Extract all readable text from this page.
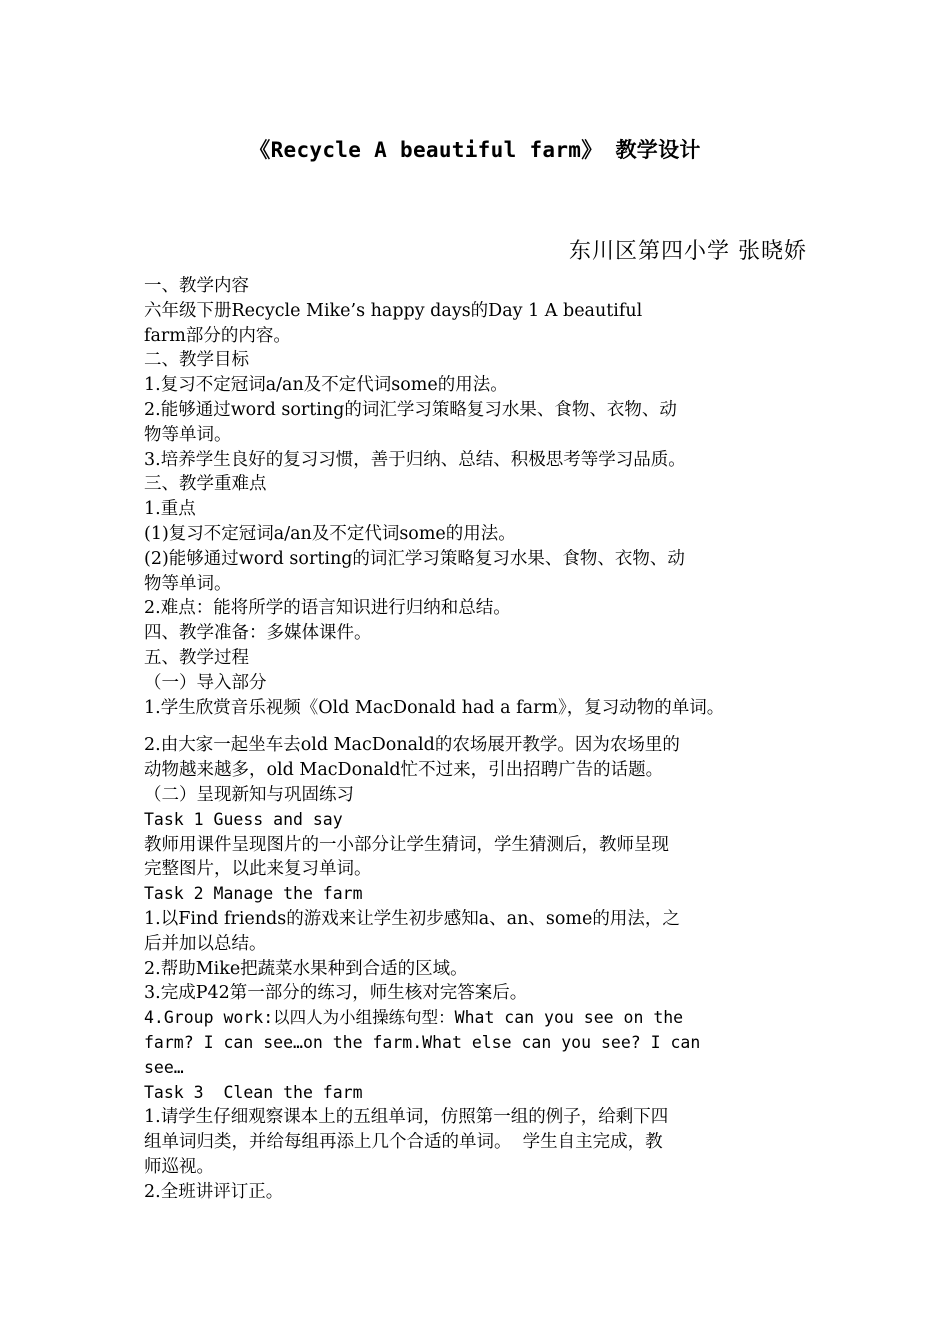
《Recycle A beautiful farm》 教学设计
东川区第四小学 张晓娇

一、教学内容

六年级下册Recycle Mike’s happy days的Day 1 A beautiful

farm部分的内容。

二、教学目标

1.复习不定冠词a/an及不定代词some的用法。

2.能够通过word sorting的词汇学习策略复习水果、食物、衣物、动

物等单词。

3.培养学生良好的复习习惯，善于归纳、总结、积极思考等学习品质。

三、教学重难点

1.重点

(1)复习不定冠词a/an及不定代词some的用法。

(2)能够通过word sorting的词汇学习策略复习水果、食物、衣物、动

物等单词。

2.难点：能将所学的语言知识进行归纳和总结。

四、教学准备：多媒体课件。

五、教学过程

（一）导入部分

1.学生欣赏音乐视频《Old MacDonald had a farm》，复习动物的单词。

2.由大家一起坐车去old MacDonald的农场展开教学。因为农场里的

动物越来越多，old MacDonald忙不过来，引出招聘广告的话题。

（二）呈现新知与巩固练习

Task 1 Guess and say

教师用课件呈现图片的一小部分让学生猜词，学生猜测后，教师呈现

完整图片，以此来复习单词。

Task 2 Manage the farm

1.以Find friends的游戏来让学生初步感知a、an、some的用法，之

后并加以总结。

2.帮助Mike把蔬菜水果种到合适的区域。

3.完成P42第一部分的练习，师生核对完答案后。

4.Group work:以四人为小组操练句型：What can you see on the

farm? I can see…on the farm.What else can you see? I can

see…

Task 3  Clean the farm

1.请学生仔细观察课本上的五组单词，仿照第一组的例子，给剩下四

组单词归类，并给每组再添上几个合适的单词。  学生自主完成，教

师巡视。

2.全班讲评订正。
